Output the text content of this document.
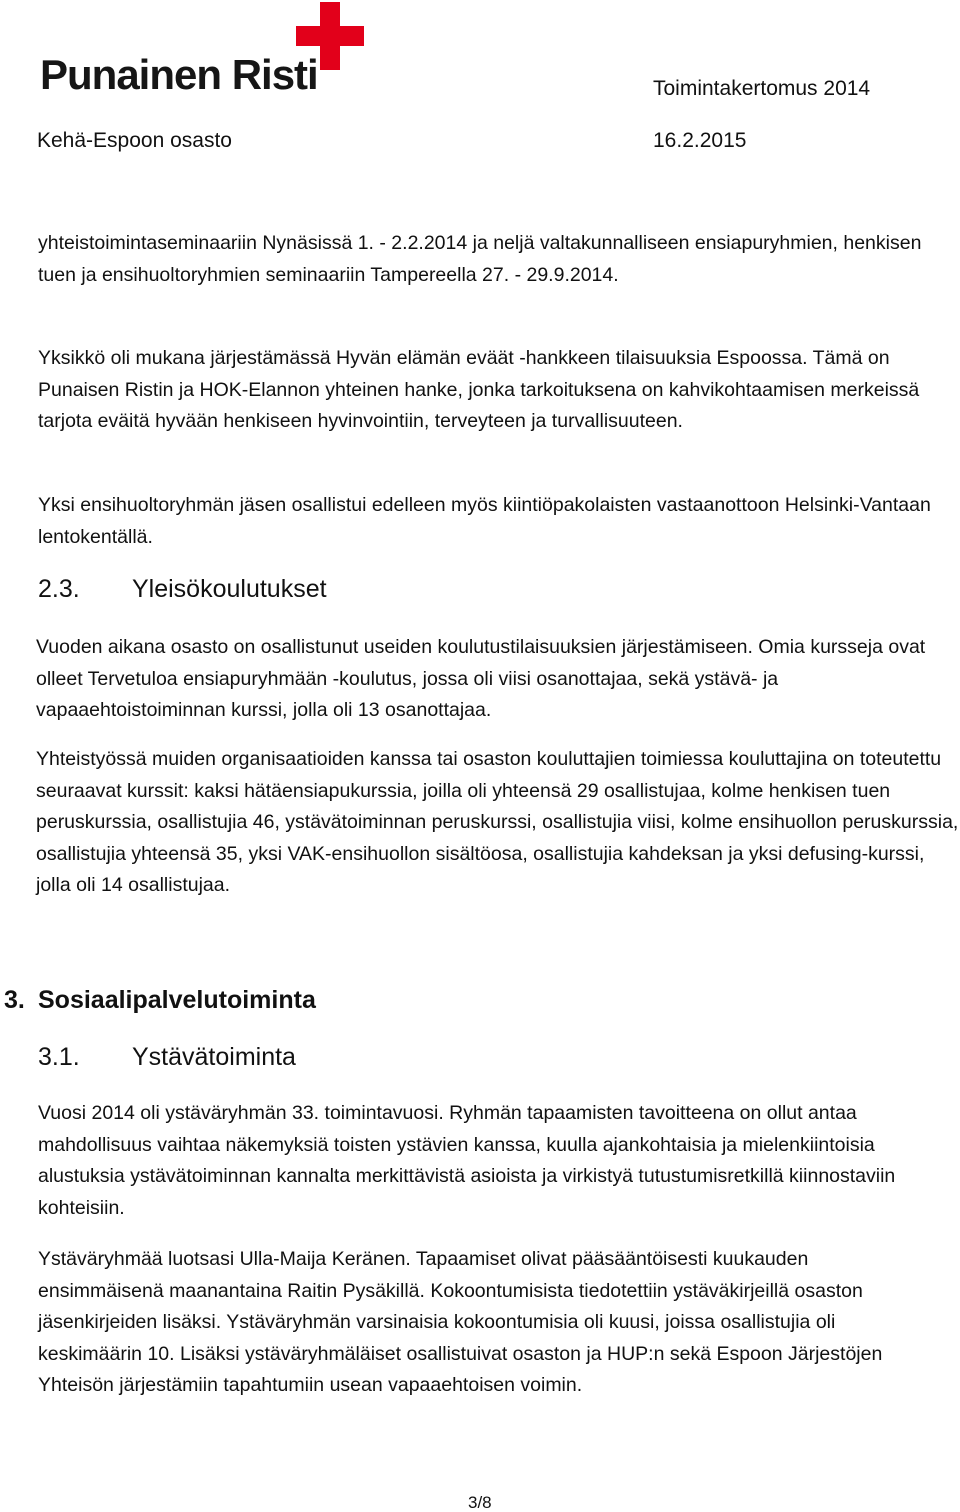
Punainen Risti	Toimintakertomus 2014
Kehä-Espoon osasto	16.2.2015

yhteistoimintaseminaariin Nynäsissä 1. - 2.2.2014 ja neljä valtakunnalliseen ensiapuryhmien, henkisen tuen ja ensihuoltoryhmien seminaariin Tampereella 27. - 29.9.2014.

Yksikkö oli mukana järjestämässä Hyvän elämän eväät -hankkeen tilaisuuksia Espoossa. Tämä on Punaisen Ristin ja HOK-Elannon yhteinen hanke, jonka tarkoituksena on kahvikohtaamisen merkeissä tarjota eväitä hyvään henkiseen hyvinvointiin, terveyteen ja turvallisuuteen.

Yksi ensihuoltoryhmän jäsen osallistui edelleen myös kiintiöpakolaisten vastaanottoon Helsinki-Vantaan lentokentällä.

2.3. Yleisökoulutukset

Vuoden aikana osasto on osallistunut useiden koulutustilaisuuksien järjestämiseen. Omia kursseja ovat olleet Tervetuloa ensiapuryhmään -koulutus, jossa oli viisi osanottajaa, sekä ystävä- ja vapaaehtoistoiminnan kurssi, jolla oli 13 osanottajaa.

Yhteistyössä muiden organisaatioiden kanssa tai osaston kouluttajien toimiessa kouluttajina on toteutettu seuraavat kurssit: kaksi hätäensiapukurssia, joilla oli yhteensä 29 osallistujaa, kolme henkisen tuen peruskurssia, osallistujia 46, ystävätoiminnan peruskurssi, osallistujia viisi, kolme ensihuollon peruskurssia, osallistujia yhteensä 35, yksi VAK-ensihuollon sisältöosa, osallistujia kahdeksan ja yksi defusing-kurssi, jolla oli 14 osallistujaa.

3. Sosiaalipalvelutoiminta
3.1. Ystävätoiminta

Vuosi 2014 oli ystäväryhmän 33. toimintavuosi. Ryhmän tapaamisten tavoitteena on ollut antaa mahdollisuus vaihtaa näkemyksiä toisten ystävien kanssa, kuulla ajankohtaisia ja mielenkiintoisia alustuksia ystävätoiminnan kannalta merkittävistä asioista ja virkistyä tutustumisretkillä kiinnostaviin kohteisiin.

Ystäväryhmää luotsasi Ulla-Maija Keränen. Tapaamiset olivat pääsääntöisesti kuukauden ensimmäisenä maanantaina Raitin Pysäkillä. Kokoontumisista tiedotettiin ystäväkirjeillä osaston jäsenkirjeiden lisäksi. Ystäväryhmän varsinaisia kokoontumisia oli kuusi, joissa osallistujia oli keskimäärin 10. Lisäksi ystäväryhmäläiset osallistuivat osaston ja HUP:n sekä Espoon Järjestöjen Yhteisön järjestämiin tapahtumiin usean vapaaehtoisen voimin.

3/8
